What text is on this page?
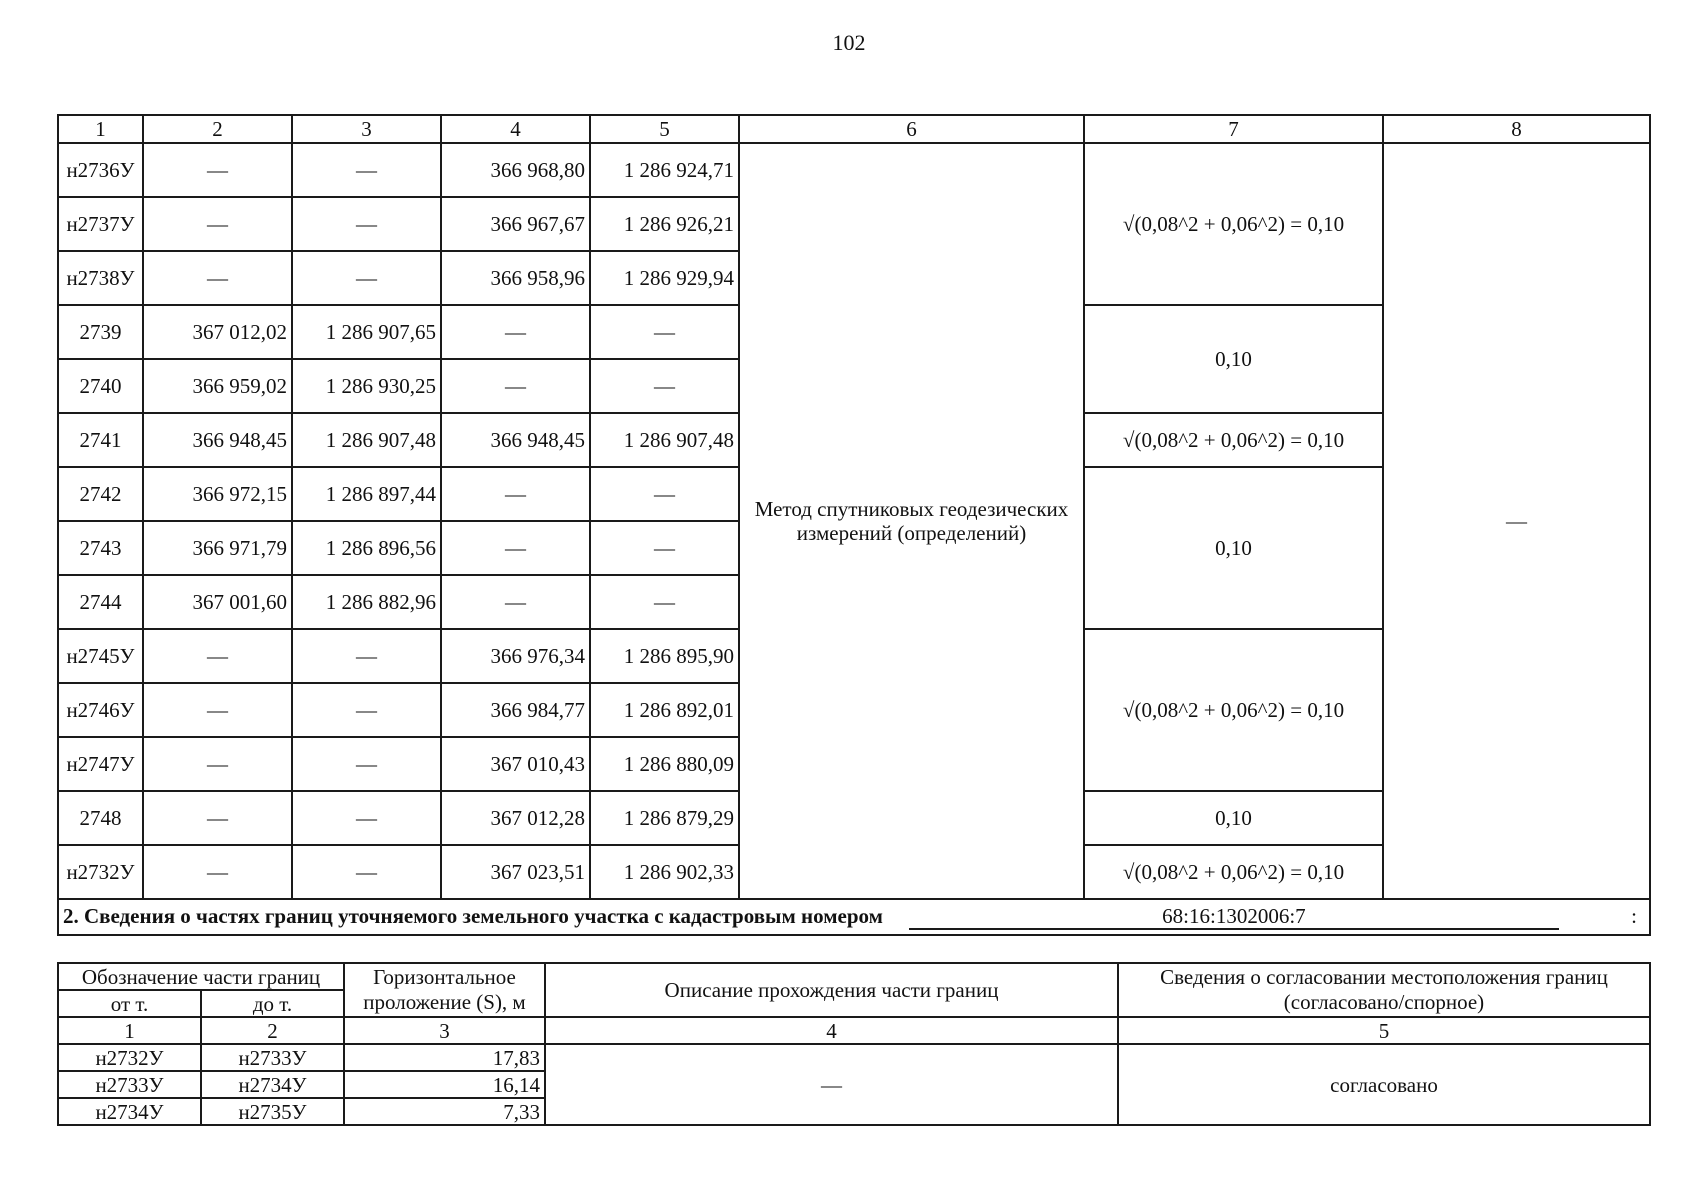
102
1	2	3	4	5	6	7	8
н2736У	—	—	366 968,80	1 286 924,71	Метод спутниковых геодезических измерений (определений)	√(0,08^2 + 0,06^2) = 0,10	—
н2737У	—	—	366 967,67	1 286 926,21			
н2738У	—	—	366 958,96	1 286 929,94			
2739	367 012,02	1 286 907,65	—	—		0,10	
2740	366 959,02	1 286 930,25	—	—			
2741	366 948,45	1 286 907,48	366 948,45	1 286 907,48		√(0,08^2 + 0,06^2) = 0,10	
2742	366 972,15	1 286 897,44	—	—		0,10	
2743	366 971,79	1 286 896,56	—	—			
2744	367 001,60	1 286 882,96	—	—			
н2745У	—	—	366 976,34	1 286 895,90		√(0,08^2 + 0,06^2) = 0,10	
н2746У	—	—	366 984,77	1 286 892,01			
н2747У	—	—	367 010,43	1 286 880,09			
2748	—	—	367 012,28	1 286 879,29		0,10	
н2732У	—	—	367 023,51	1 286 902,33		√(0,08^2 + 0,06^2) = 0,10	
2. Сведения о частях границ уточняемого земельного участка с кадастровым номером 68:16:1302006:7 :							
Обозначение части границ		Горизонтальное проложение (S), м	Описание прохождения части границ	Сведения о согласовании местоположения границ (согласовано/спорное)
от т.	до т.			
1	2	3	4	5
н2732У	н2733У	17,83	—	согласовано
н2733У	н2734У	16,14		
н2734У	н2735У	7,33		
